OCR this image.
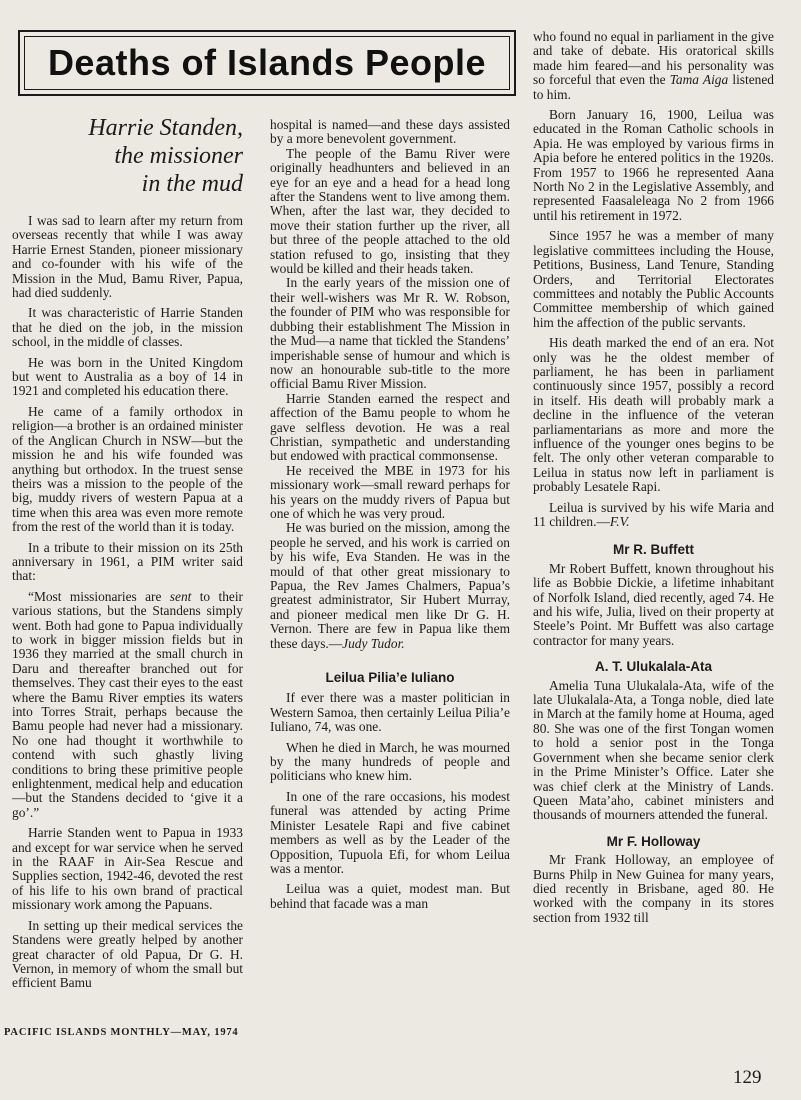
Deaths of Islands People
Harrie Standen,
the missioner
in the mud

I was sad to learn after my return from overseas recently that while I was away Harrie Ernest Standen, pioneer missionary and co-founder with his wife of the Mission in the Mud, Bamu River, Papua, had died suddenly.

It was characteristic of Harrie Standen that he died on the job, in the mission school, in the middle of classes.

He was born in the United Kingdom but went to Australia as a boy of 14 in 1921 and completed his education there.

He came of a family orthodox in religion—a brother is an ordained minister of the Anglican Church in NSW—but the mission he and his wife founded was anything but orthodox. In the truest sense theirs was a mission to the people of the big, muddy rivers of western Papua at a time when this area was even more remote from the rest of the world than it is today.

In a tribute to their mission on its 25th anniversary in 1961, a PIM writer said that:

“Most missionaries are sent to their various stations, but the Standens simply went. Both had gone to Papua individually to work in bigger mission fields but in 1936 they married at the small church in Daru and thereafter branched out for themselves. They cast their eyes to the east where the Bamu River empties its waters into Torres Strait, perhaps because the Bamu people had never had a missionary. No one had thought it worthwhile to contend with such ghastly living conditions to bring these primitive people enlightenment, medical help and education—but the Standens decided to ‘give it a go’.”

Harrie Standen went to Papua in 1933 and except for war service when he served in the RAAF in Air-Sea Rescue and Supplies section, 1942-46, devoted the rest of his life to his own brand of practical missionary work among the Papuans.

In setting up their medical services the Standens were greatly helped by another great character of old Papua, Dr G. H. Vernon, in memory of whom the small but efficient Bamu

hospital is named—and these days assisted by a more benevolent government.

The people of the Bamu River were originally headhunters and believed in an eye for an eye and a head for a head long after the Standens went to live among them. When, after the last war, they decided to move their station further up the river, all but three of the people attached to the old station refused to go, insisting that they would be killed and their heads taken.

In the early years of the mission one of their well-wishers was Mr R. W. Robson, the founder of PIM who was responsible for dubbing their establishment The Mission in the Mud—a name that tickled the Standens’ imperishable sense of humour and which is now an honourable sub-title to the more official Bamu River Mission.

Harrie Standen earned the respect and affection of the Bamu people to whom he gave selfless devotion. He was a real Christian, sympathetic and understanding but endowed with practical commonsense.

He received the MBE in 1973 for his missionary work—small reward perhaps for his years on the muddy rivers of Papua but one of which he was very proud.

He was buried on the mission, among the people he served, and his work is carried on by his wife, Eva Standen. He was in the mould of that other great missionary to Papua, the Rev James Chalmers, Papua’s greatest administrator, Sir Hubert Murray, and pioneer medical men like Dr G. H. Vernon. There are few in Papua like them these days.—Judy Tudor.

Leilua Pilia’e Iuliano

If ever there was a master politician in Western Samoa, then certainly Leilua Pilia’e Iuliano, 74, was one.

When he died in March, he was mourned by the many hundreds of people and politicians who knew him.

In one of the rare occasions, his modest funeral was attended by acting Prime Minister Lesatele Rapi and five cabinet members as well as by the Leader of the Opposition, Tupuola Efi, for whom Leilua was a mentor.

Leilua was a quiet, modest man. But behind that facade was a man

who found no equal in parliament in the give and take of debate. His oratorical skills made him feared—and his personality was so forceful that even the Tama Aiga listened to him.

Born January 16, 1900, Leilua was educated in the Roman Catholic schools in Apia. He was employed by various firms in Apia before he entered politics in the 1920s. From 1957 to 1966 he represented Aana North No 2 in the Legislative Assembly, and represented Faasaleleaga No 2 from 1966 until his retirement in 1972.

Since 1957 he was a member of many legislative committees including the House, Petitions, Business, Land Tenure, Standing Orders, and Territorial Electorates committees and notably the Public Accounts Committee membership of which gained him the affection of the public servants.

His death marked the end of an era. Not only was he the oldest member of parliament, he has been in parliament continuously since 1957, possibly a record in itself. His death will probably mark a decline in the influence of the veteran parliamentarians as more and more the influence of the younger ones begins to be felt. The only other veteran comparable to Leilua in status now left in parliament is probably Lesatele Rapi.

Leilua is survived by his wife Maria and 11 children.—F.V.

Mr R. Buffett

Mr Robert Buffett, known throughout his life as Bobbie Dickie, a lifetime inhabitant of Norfolk Island, died recently, aged 74. He and his wife, Julia, lived on their property at Steele’s Point. Mr Buffett was also cartage contractor for many years.

A. T. Ulukalala-Ata

Amelia Tuna Ulukalala-Ata, wife of the late Ulukalala-Ata, a Tonga noble, died late in March at the family home at Houma, aged 80. She was one of the first Tongan women to hold a senior post in the Tonga Government when she became senior clerk in the Prime Minister’s Office. Later she was chief clerk at the Ministry of Lands. Queen Mata’aho, cabinet ministers and thousands of mourners attended the funeral.

Mr F. Holloway

Mr Frank Holloway, an employee of Burns Philp in New Guinea for many years, died recently in Brisbane, aged 80. He worked with the company in its stores section from 1932 till

PACIFIC ISLANDS MONTHLY—MAY, 1974
129
